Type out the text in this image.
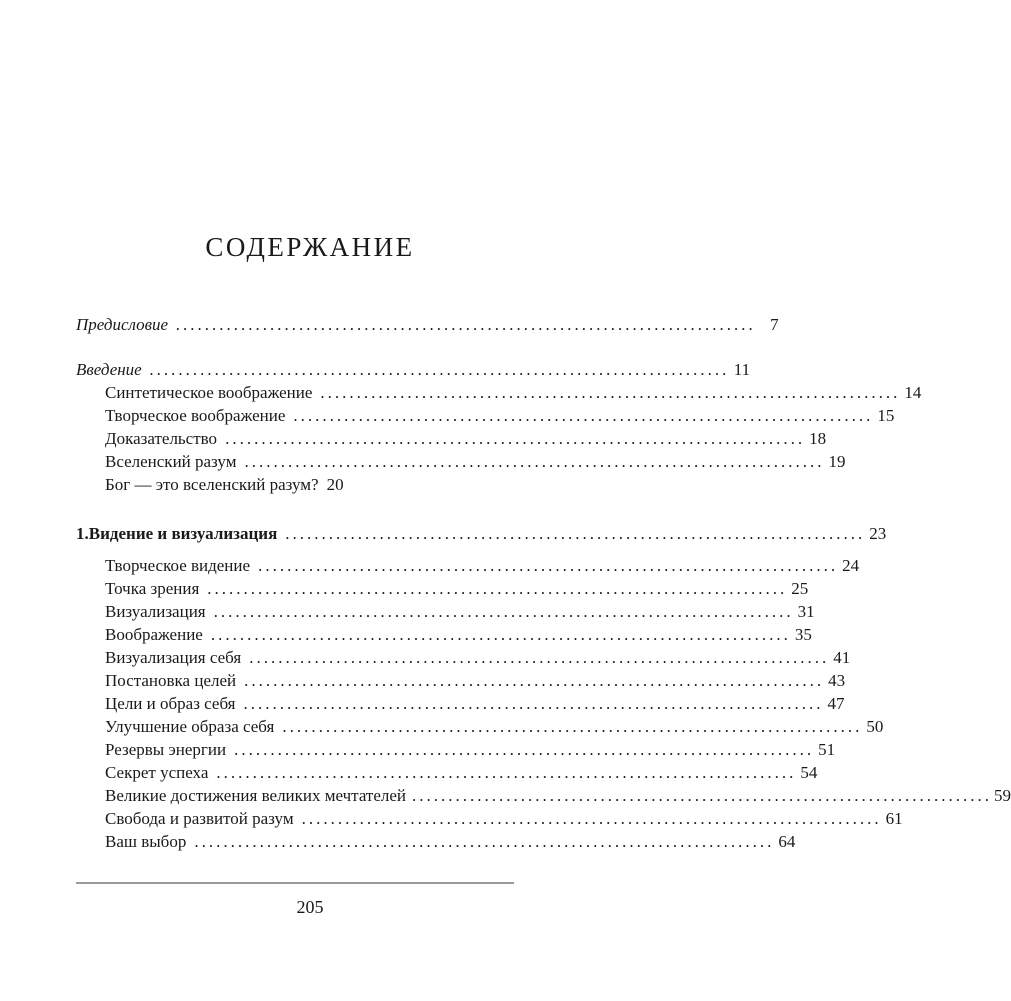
СОДЕРЖАНИЕ
Предисловие ................................................................................ 7
Введение ................................................................................ 11
Синтетическое воображение ................................................................................ 14
Творческое воображение ................................................................................ 15
Доказательство ................................................................................ 18
Вселенский разум ................................................................................ 19
Бог — это вселенский разум? 20
1. Видение и визуализация ................................................................................ 23
Творческое видение ................................................................................ 24
Точка зрения ................................................................................ 25
Визуализация ................................................................................ 31
Воображение ................................................................................ 35
Визуализация себя ................................................................................ 41
Постановка целей ................................................................................ 43
Цели и образ себя ................................................................................ 47
Улучшение образа себя ................................................................................ 50
Резервы энергии ................................................................................ 51
Секрет успеха ................................................................................ 54
Великие достижения великих мечтателей ................................................................................ 59
Свобода и развитой разум ................................................................................ 61
Ваш выбор ................................................................................ 64
205
